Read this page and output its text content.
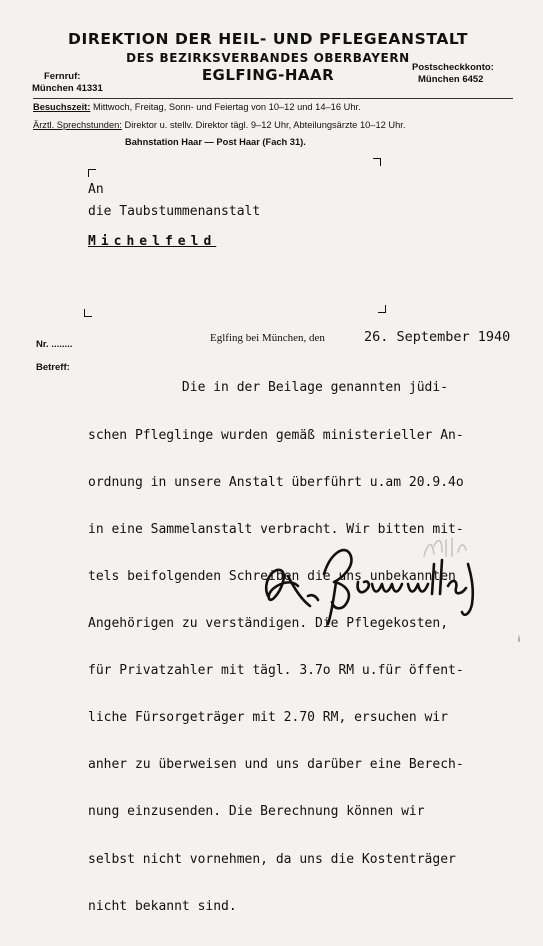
DIREKTION DER HEIL- UND PFLEGEANSTALT
DES BEZIRKSVERBANDES OBERBAYERN
EGLFING-HAAR
Fernruf:
München 41331
Postscheckkonto:
München 6452
Besuchszeit: Mittwoch, Freitag, Sonn- und Feiertag von 10–12 und 14–16 Uhr.
Ärztl. Sprechstunden: Direktor u. stellv. Direktor tägl. 9–12 Uhr, Abteilungsärzte 10–12 Uhr.
Bahnstation Haar — Post Haar (Fach 31).
An
die Taubstummenanstalt
Michelfeld
Nr. ........
Betreff:
Eglfing bei München, den	26. September 1940

Die in der Beilage genannten jüdi-

schen Pfleglinge wurden gemäß ministerieller An-

ordnung in unsere Anstalt überführt u.am 20.9.4o

in eine Sammelanstalt verbracht. Wir bitten mit-

tels beifolgenden Schreiben die uns unbekannten

Angehörigen zu verständigen. Die Pflegekosten,

für Privatzahler mit tägl. 3.7o RM u.für öffent-

liche Fürsorgeträger mit 2.70 RM, ersuchen wir

anher zu überweisen und uns darüber eine Berech-

nung einzusenden. Die Berechnung können wir

selbst nicht vornehmen, da uns die Kostenträger

nicht bekannt sind.

i
